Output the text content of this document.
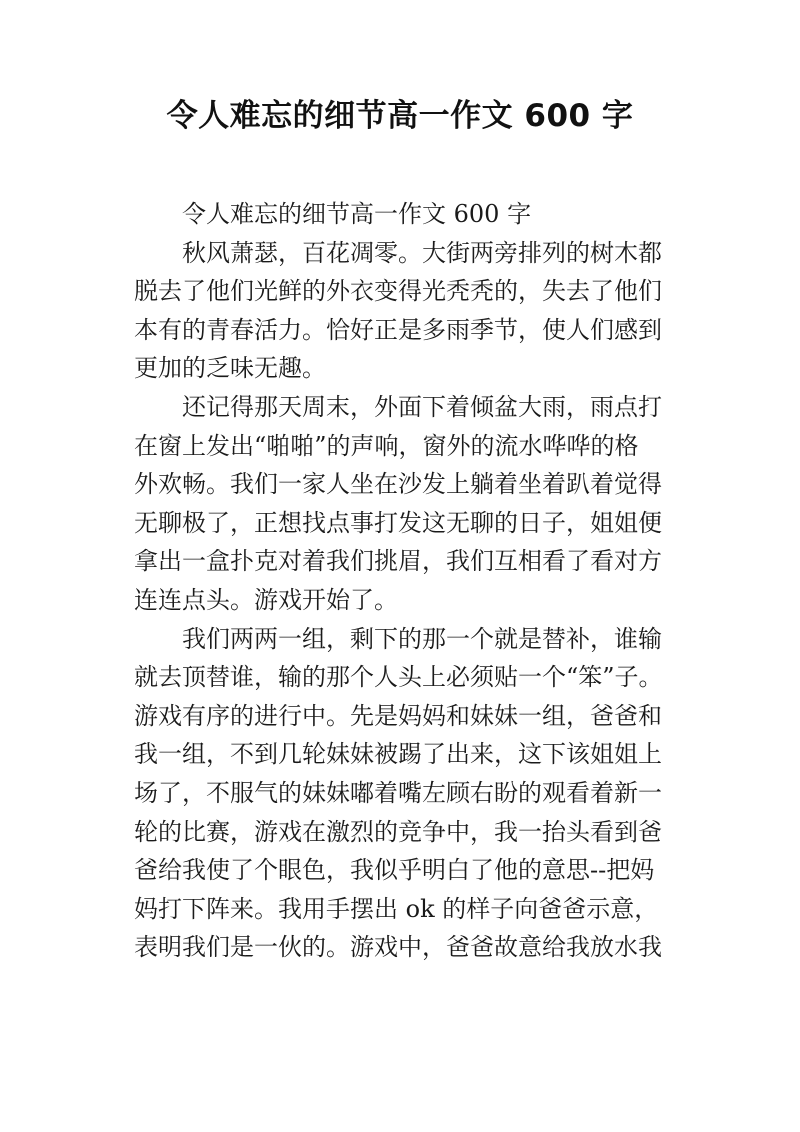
令人难忘的细节高一作文 600 字
令人难忘的细节高一作文 600 字
秋风萧瑟，百花凋零。大街两旁排列的树木都
脱去了他们光鲜的外衣变得光秃秃的，失去了他们
本有的青春活力。恰好正是多雨季节，使人们感到
更加的乏味无趣。
还记得那天周末，外面下着倾盆大雨，雨点打
在窗上发出“啪啪”的声响，窗外的流水哗哗的格
外欢畅。我们一家人坐在沙发上躺着坐着趴着觉得
无聊极了，正想找点事打发这无聊的日子，姐姐便
拿出一盒扑克对着我们挑眉，我们互相看了看对方
连连点头。游戏开始了。
我们两两一组，剩下的那一个就是替补，谁输
就去顶替谁，输的那个人头上必须贴一个“笨”子。
游戏有序的进行中。先是妈妈和妹妹一组，爸爸和
我一组，不到几轮妹妹被踢了出来，这下该姐姐上
场了，不服气的妹妹嘟着嘴左顾右盼的观看着新一
轮的比赛，游戏在激烈的竞争中，我一抬头看到爸
爸给我使了个眼色，我似乎明白了他的意思--把妈
妈打下阵来。我用手摆出 ok 的样子向爸爸示意，
表明我们是一伙的。游戏中，爸爸故意给我放水我
